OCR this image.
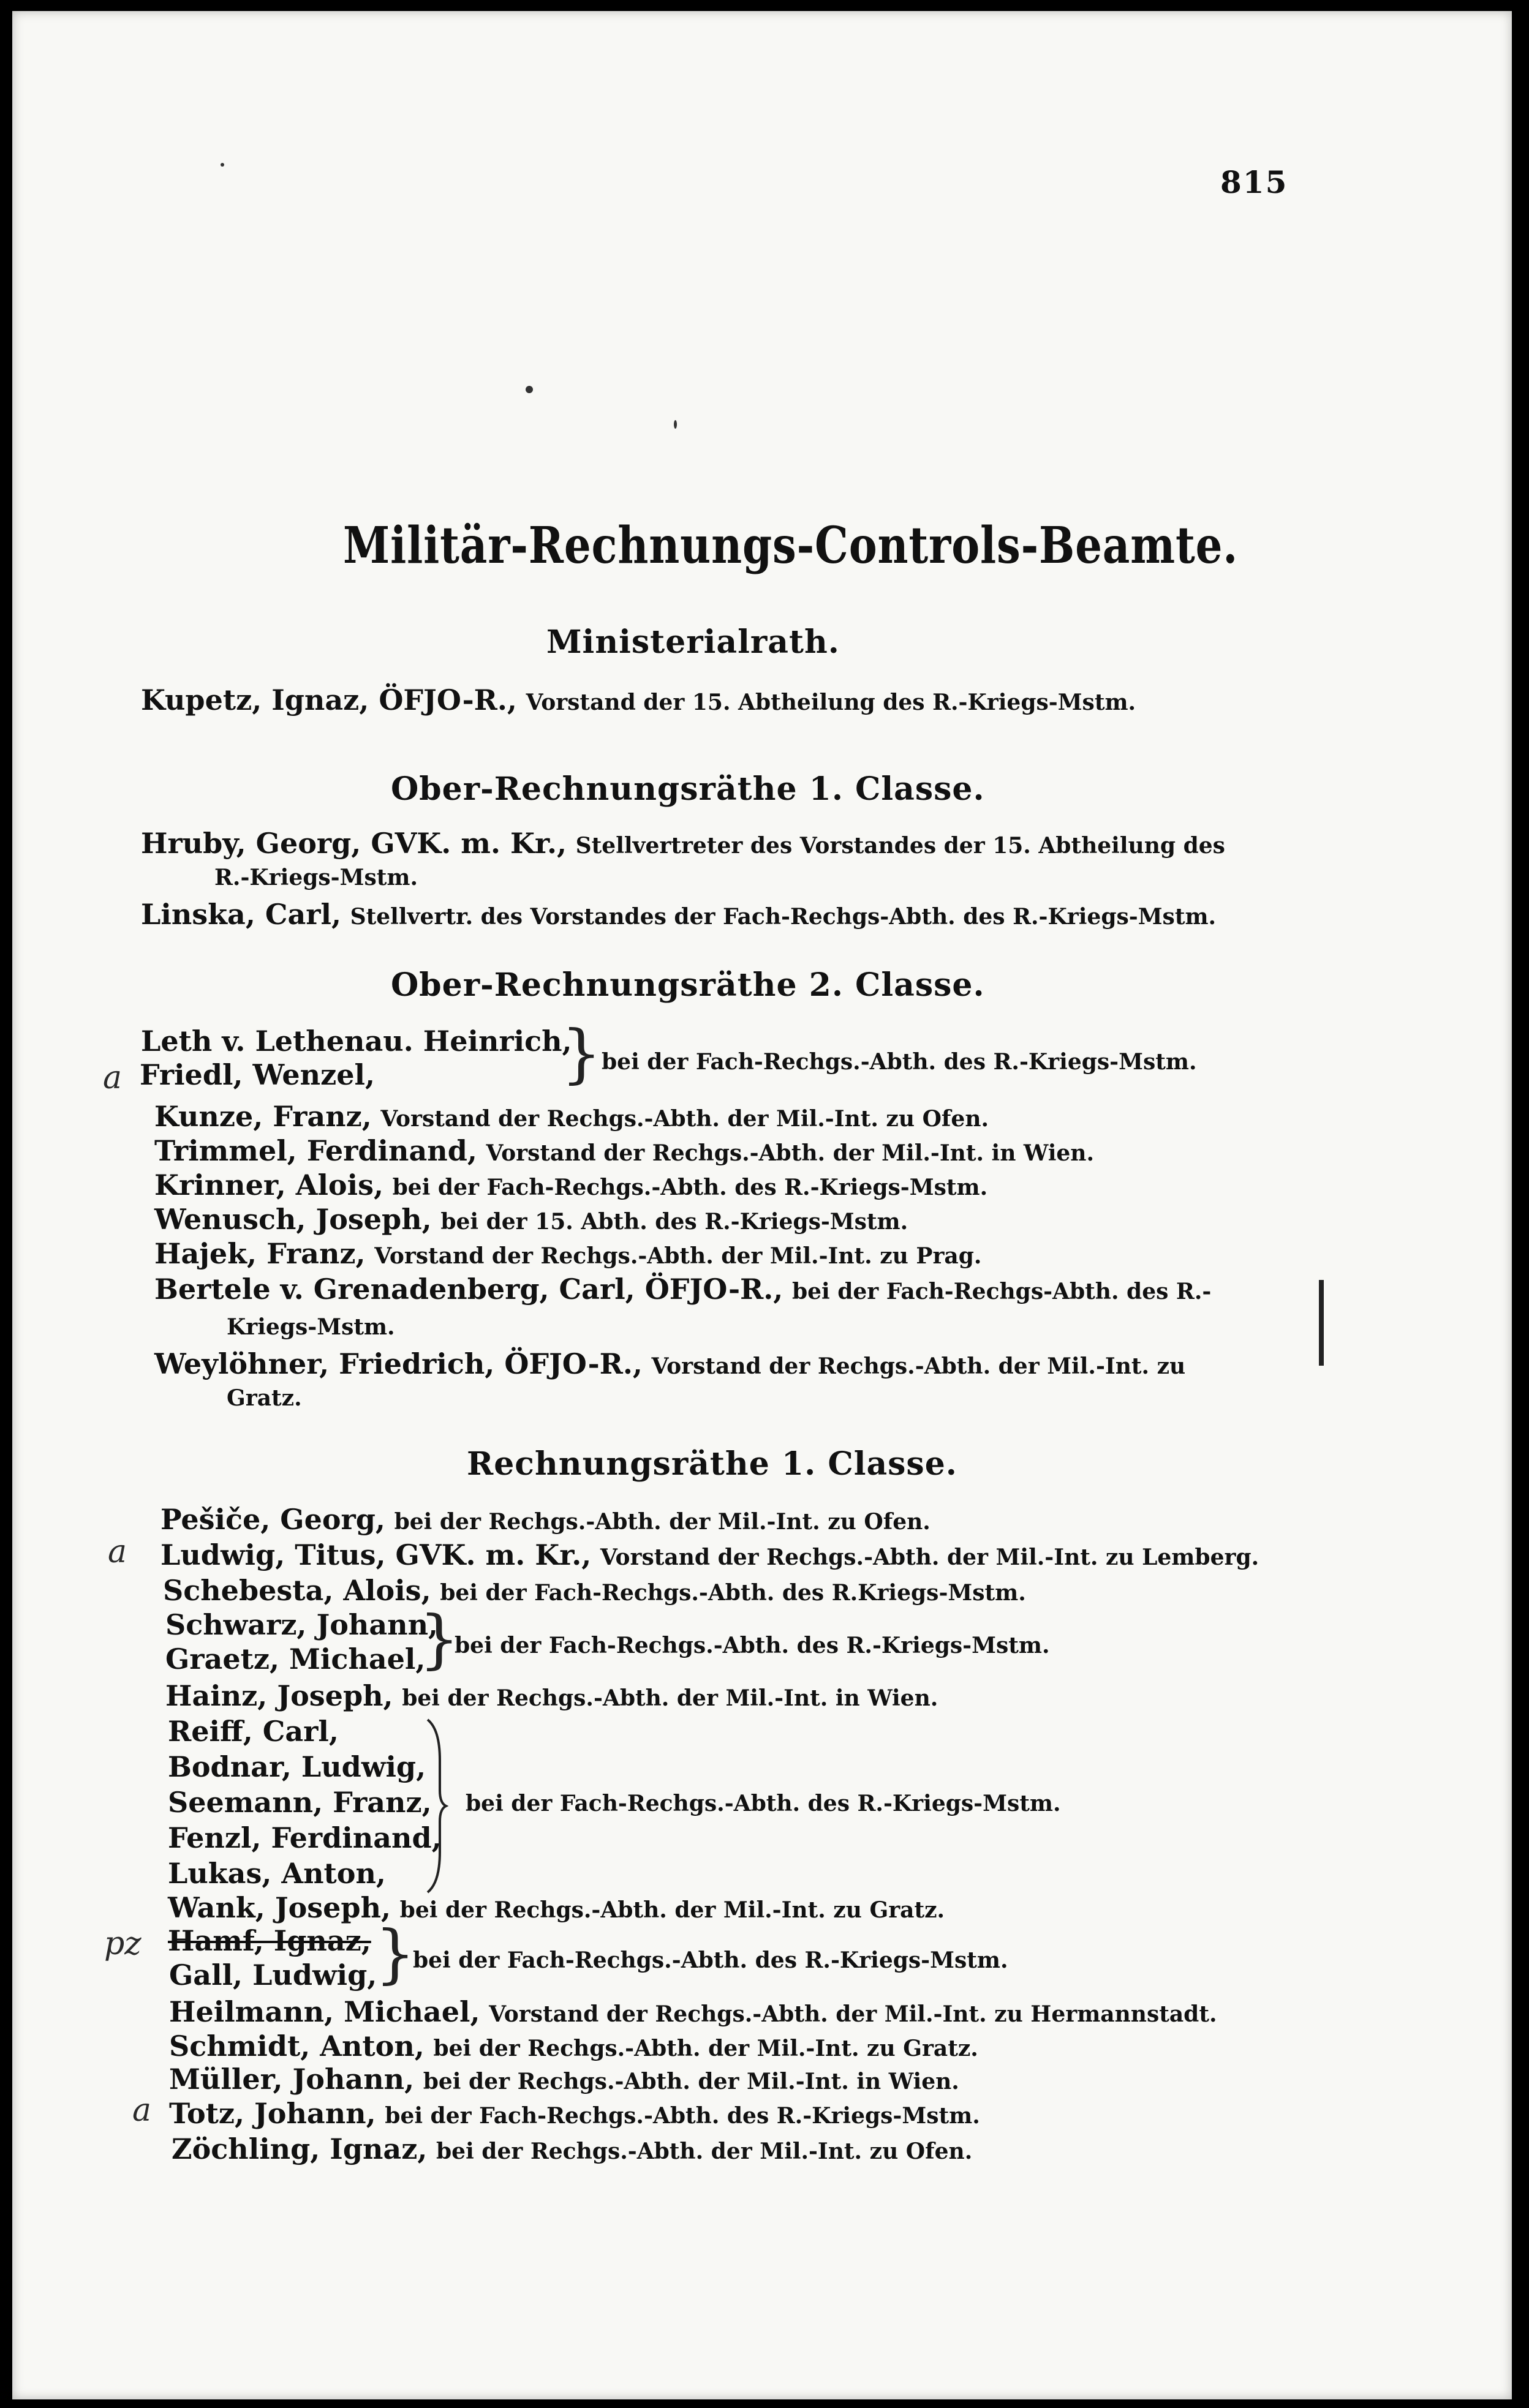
815
Militär-Rechnungs-Controls-Beamte.
Ministerialrath.
Kupetz, Ignaz, ÖFJO-R., Vorstand der 15. Abtheilung des R.-Kriegs-Mstm.
Ober-Rechnungsräthe 1. Classe.
Hruby, Georg, GVK. m. Kr., Stellvertreter des Vorstandes der 15. Abtheilung des
R.-Kriegs-Mstm.
Linska, Carl, Stellvertr. des Vorstandes der Fach-Rechgs-Abth. des R.-Kriegs-Mstm.
Ober-Rechnungsräthe 2. Classe.
Leth v. Lethenau. Heinrich,
Friedl, Wenzel,
a	} bei der Fach-Rechgs.-Abth. des R.-Kriegs-Mstm.
Kunze, Franz, Vorstand der Rechgs.-Abth. der Mil.-Int. zu Ofen.
Trimmel, Ferdinand, Vorstand der Rechgs.-Abth. der Mil.-Int. in Wien.
Krinner, Alois, bei der Fach-Rechgs.-Abth. des R.-Kriegs-Mstm.
Wenusch, Joseph, bei der 15. Abth. des R.-Kriegs-Mstm.
Hajek, Franz, Vorstand der Rechgs.-Abth. der Mil.-Int. zu Prag.
Bertele v. Grenadenberg, Carl, ÖFJO-R., bei der Fach-Rechgs-Abth. des R.-
Kriegs-Mstm.
Weylöhner, Friedrich, ÖFJO-R., Vorstand der Rechgs.-Abth. der Mil.-Int. zu
Gratz.
Rechnungsräthe 1. Classe.
Pešiče, Georg, bei der Rechgs.-Abth. der Mil.-Int. zu Ofen.
a Ludwig, Titus, GVK. m. Kr., Vorstand der Rechgs.-Abth. der Mil.-Int. zu Lemberg.
Schebesta, Alois, bei der Fach-Rechgs.-Abth. des R.Kriegs-Mstm.
Schwarz, Johann,
Graetz, Michael,
}
bei der Fach-Rechgs.-Abth. des R.-Kriegs-Mstm.
Hainz, Joseph, bei der Rechgs.-Abth. der Mil.-Int. in Wien.
Reiff, Carl,
Bodnar, Ludwig,
Seemann, Franz,
Fenzl, Ferdinand,
Lukas, Anton,
bei der Fach-Rechgs.-Abth. des R.-Kriegs-Mstm.
Wank, Joseph, bei der Rechgs.-Abth. der Mil.-Int. zu Gratz.
pz Hamf, Ignaz,
Gall, Ludwig,
}
bei der Fach-Rechgs.-Abth. des R.-Kriegs-Mstm.
Heilmann, Michael, Vorstand der Rechgs.-Abth. der Mil.-Int. zu Hermannstadt.
Schmidt, Anton, bei der Rechgs.-Abth. der Mil.-Int. zu Gratz.
Müller, Johann, bei der Rechgs.-Abth. der Mil.-Int. in Wien.
a Totz, Johann, bei der Fach-Rechgs.-Abth. des R.-Kriegs-Mstm.
Zöchling, Ignaz, bei der Rechgs.-Abth. der Mil.-Int. zu Ofen.
